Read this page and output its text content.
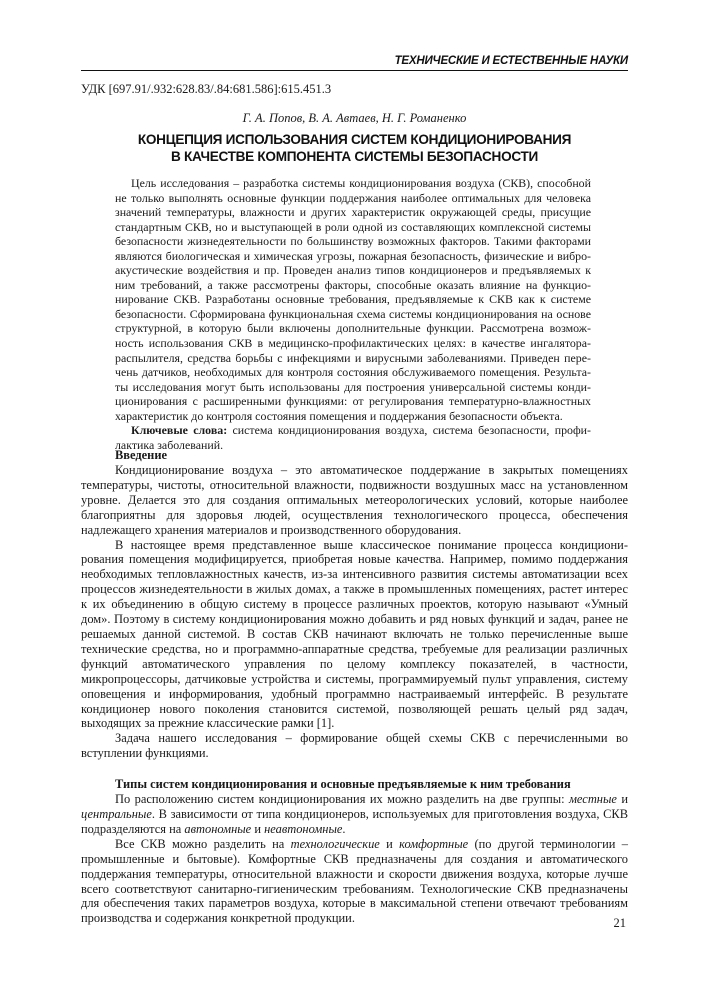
ТЕХНИЧЕСКИЕ И ЕСТЕСТВЕННЫЕ НАУКИ
УДК [697.91/.932:628.83/.84:681.586]:615.451.3
Г. А. Попов, В. А. Автаев, Н. Г. Романенко
КОНЦЕПЦИЯ ИСПОЛЬЗОВАНИЯ СИСТЕМ КОНДИЦИОНИРОВАНИЯ
В КАЧЕСТВЕ КОМПОНЕНТА СИСТЕМЫ БЕЗОПАСНОСТИ

Цель исследования – разработка системы кондиционирования воздуха (СКВ), способной не только выполнять основные функции поддержания наиболее оптимальных для человека значений температуры, влажности и других характеристик окружающей среды, присущие стандартным СКВ, но и выступающей в роли одной из составляющих комплексной системы безопасности жизнедеятельности по большинству возможных факторов. Такими факторами являются биологическая и химическая угрозы, пожарная безопасность, физические и виброакустические воздействия и пр. Проведен анализ типов кондиционеров и предъявляемых к ним требований, а также рассмотрены факторы, способные оказать влияние на функционирование СКВ. Разработаны основные требования, предъявляемые к СКВ как к системе безопасности. Сформирована функциональная схема системы кондиционирования на основе структурной, в которую были включены дополнительные функции. Рассмотрена возможность использования СКВ в медицинско-профилактических целях: в качестве ингалятора-распылителя, средства борьбы с инфекциями и вирусными заболеваниями. Приведен перечень датчиков, необходимых для контроля состояния обслуживаемого помещения. Результаты исследования могут быть использованы для построения универсальной системы кондиционирования с расширенными функциями: от регулирования температурно-влажностных характеристик до контроля состояния помещения и поддержания безопасности объекта.

Ключевые слова: система кондиционирования воздуха, система безопасности, профилактика заболеваний.

Введение

Кондиционирование воздуха – это автоматическое поддержание в закрытых помещениях температуры, чистоты, относительной влажности, подвижности воздушных масс на установленном уровне. Делается это для создания оптимальных метеорологических условий, которые наиболее благоприятны для здоровья людей, осуществления технологического процесса, обеспечения надлежащего хранения материалов и производственного оборудования.

В настоящее время представленное выше классическое понимание процесса кондиционирования помещения модифицируется, приобретая новые качества. Например, помимо поддержания необходимых тепловлажностных качеств, из-за интенсивного развития системы автоматизации всех процессов жизнедеятельности в жилых домах, а также в промышленных помещениях, растет интерес к их объединению в общую систему в процессе различных проектов, которую называют «Умный дом». Поэтому в систему кондиционирования можно добавить и ряд новых функций и задач, ранее не решаемых данной системой. В состав СКВ начинают включать не только перечисленные выше технические средства, но и программно-аппаратные средства, требуемые для реализации различных функций автоматического управления по целому комплексу показателей, в частности, микропроцессоры, датчиковые устройства и системы, программируемый пульт управления, систему оповещения и информирования, удобный программно настраиваемый интерфейс. В результате кондиционер нового поколения становится системой, позволяющей решать целый ряд задач, выходящих за прежние классические рамки [1].

Задача нашего исследования – формирование общей схемы СКВ с перечисленными во вступлении функциями.

Типы систем кондиционирования и основные предъявляемые к ним требования

По расположению систем кондиционирования их можно разделить на две группы: местные и центральные. В зависимости от типа кондиционеров, используемых для приготовления воздуха, СКВ подразделяются на автономные и неавтономные.

Все СКВ можно разделить на технологические и комфортные (по другой терминологии – промышленные и бытовые). Комфортные СКВ предназначены для создания и автоматического поддержания температуры, относительной влажности и скорости движения воздуха, которые лучше всего соответствуют санитарно-гигиеническим требованиям. Технологические СКВ предназначены для обеспечения таких параметров воздуха, которые в максимальной степени отвечают требованиям производства и содержания конкретной продукции.	21
